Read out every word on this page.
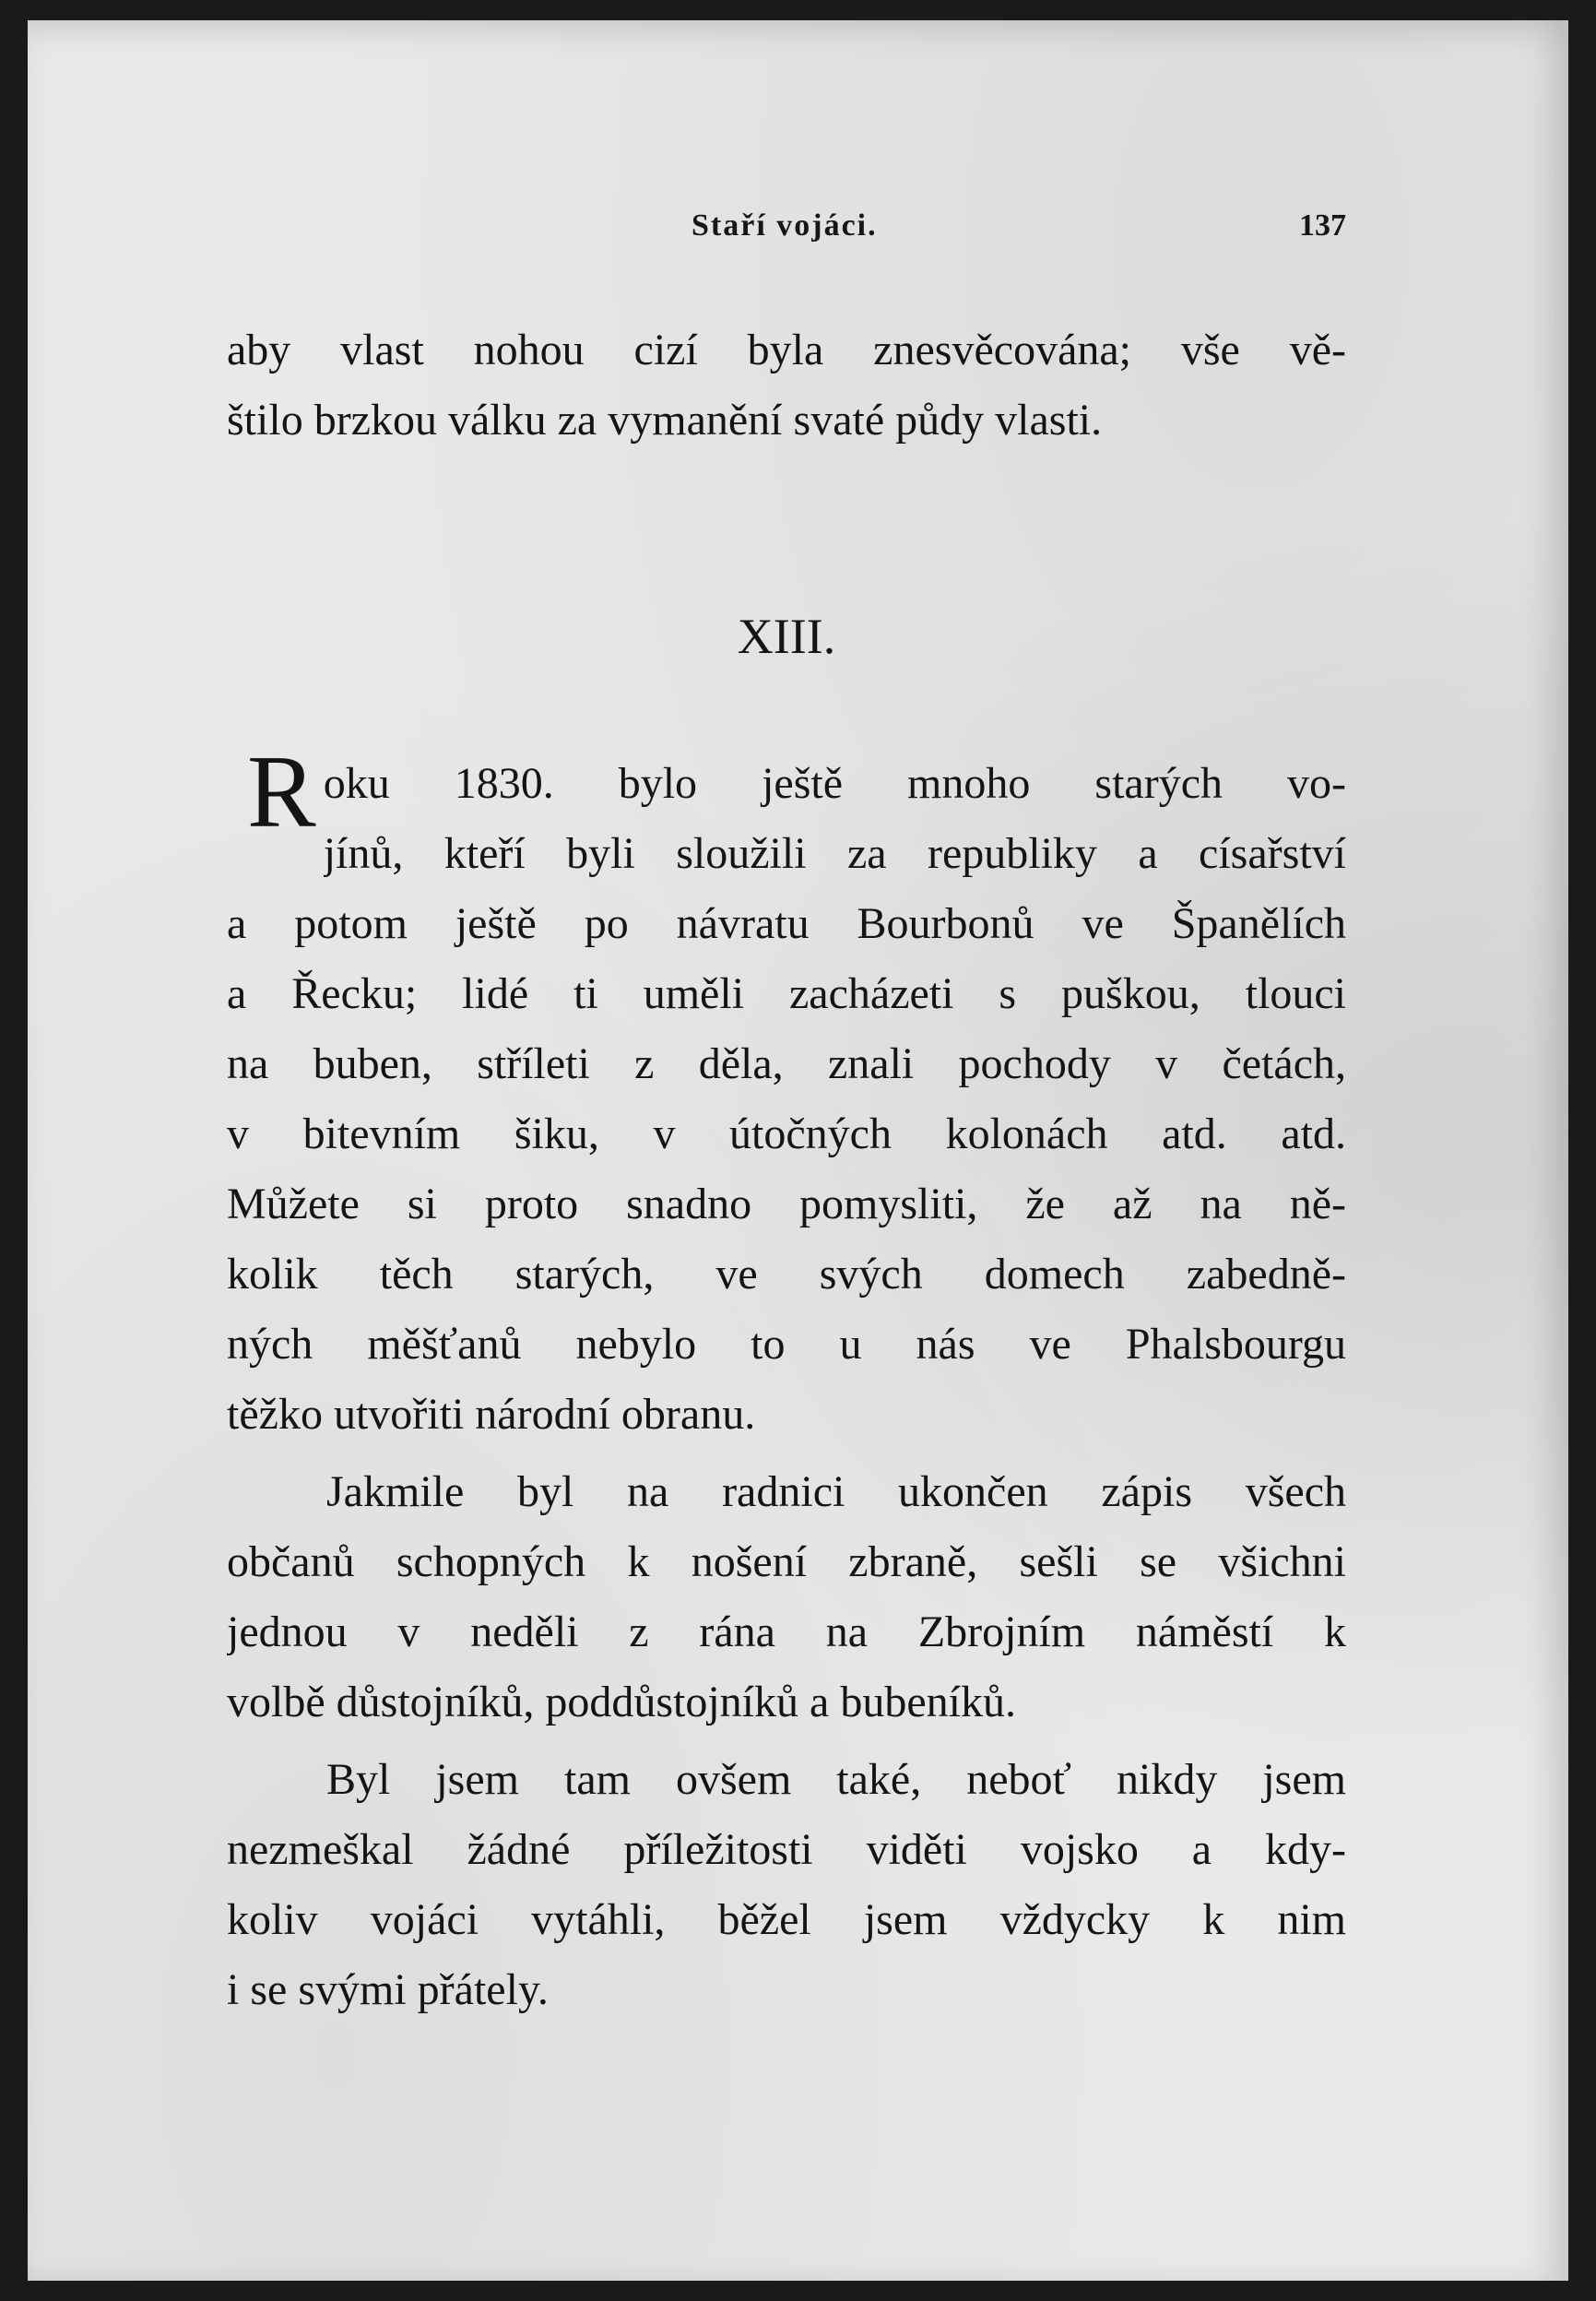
Staří vojáci.	137
aby vlast nohou cizí byla znesvěcována; vše vě-
štilo brzkou válku za vymanění svaté půdy vlasti.
XIII.
R oku 1830. bylo ještě mnoho starých vo-
jínů, kteří byli sloužili za republiky a císařství
a potom ještě po návratu Bourbonů ve Španělích
a Řecku; lidé ti uměli zacházeti s puškou, tlouci
na buben, stříleti z děla, znali pochody v četách,
v bitevním šiku, v útočných kolonách atd. atd.
Můžete si proto snadno pomysliti, že až na ně-
kolik těch starých, ve svých domech zabedně-
ných měšťanů nebylo to u nás ve Phalsbourgu
těžko utvořiti národní obranu.
Jakmile byl na radnici ukončen zápis všech
občanů schopných k nošení zbraně, sešli se všichni
jednou v neděli z rána na Zbrojním náměstí k
volbě důstojníků, poddůstojníků a bubeníků.
Byl jsem tam ovšem také, neboť nikdy jsem
nezmeškal žádné příležitosti viděti vojsko a kdy-
koliv vojáci vytáhli, běžel jsem vždycky k nim
i se svými přátely.
